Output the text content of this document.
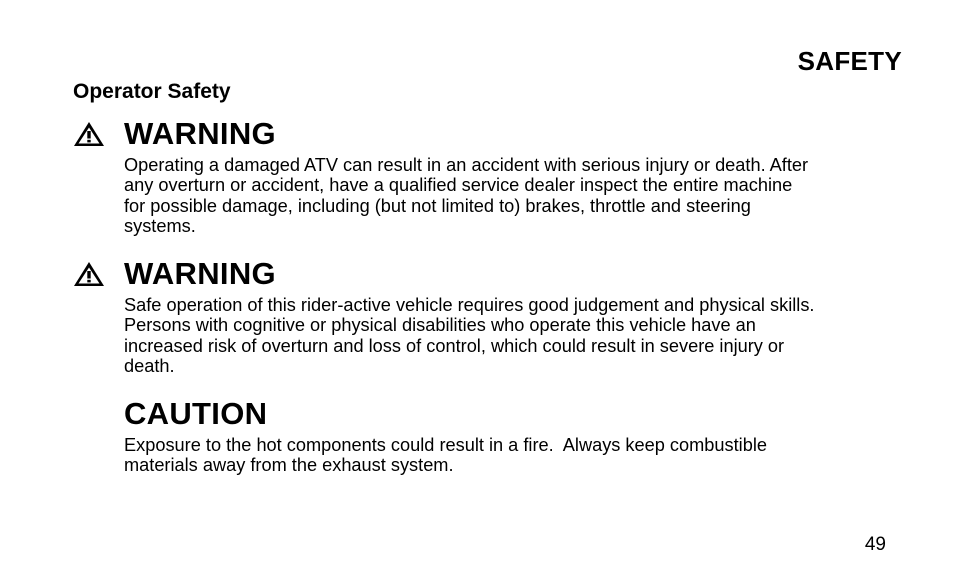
SAFETY
Operator Safety
WARNING
Operating a damaged ATV can result in an accident with serious injury or death. After
any overturn or accident, have a qualified service dealer inspect the entire machine
for possible damage, including (but not limited to) brakes, throttle and steering
systems.
WARNING
Safe operation of this rider-active vehicle requires good judgement and physical skills.
Persons with cognitive or physical disabilities who operate this vehicle have an
increased risk of overturn and loss of control, which could result in severe injury or
death.
CAUTION
Exposure to the hot components could result in a fire.  Always keep combustible
materials away from the exhaust system.
49
